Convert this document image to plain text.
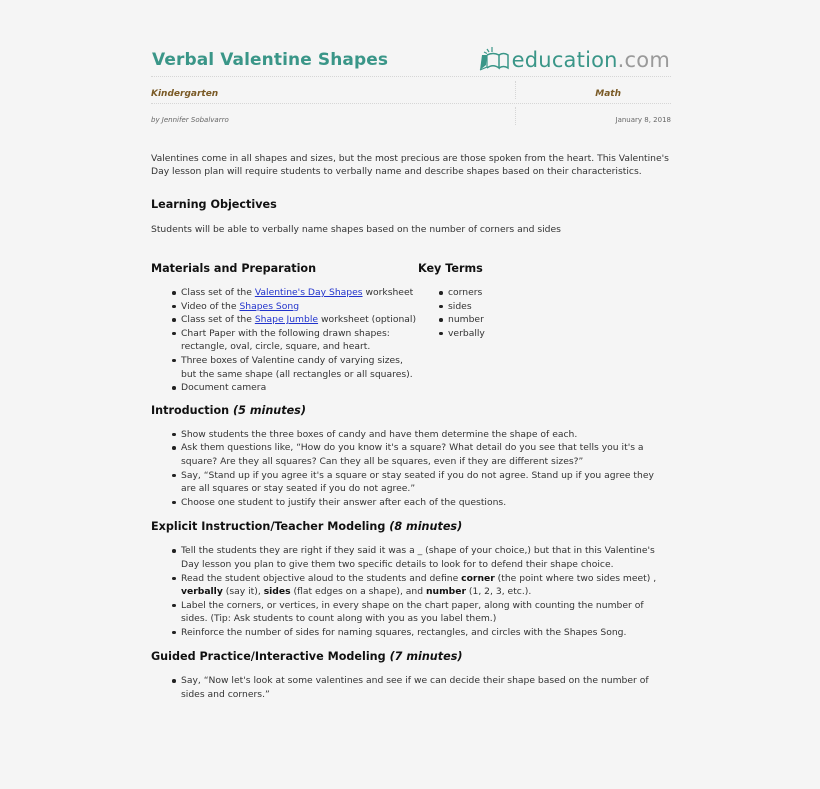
Verbal Valentine Shapes	education.com
Kindergarten	Math
by Jennifer Sobalvarro	January 8, 2018

Valentines come in all shapes and sizes, but the most precious are those spoken from the heart. This Valentine's Day lesson plan will require students to verbally name and describe shapes based on their characteristics.

Learning Objectives

Students will be able to verbally name shapes based on the number of corners and sides

Materials and Preparation
Class set of the Valentine's Day Shapes worksheet
Video of the Shapes Song
Class set of the Shape Jumble worksheet (optional)
Chart Paper with the following drawn shapes: rectangle, oval, circle, square, and heart.
Three boxes of Valentine candy of varying sizes, but the same shape (all rectangles or all squares).
Document camera
Key Terms
corners
sides
number
verbally
Introduction (5 minutes)
Show students the three boxes of candy and have them determine the shape of each.
Ask them questions like, “How do you know it's a square? What detail do you see that tells you it's a square? Are they all squares? Can they all be squares, even if they are different sizes?”
Say, “Stand up if you agree it's a square or stay seated if you do not agree. Stand up if you agree they are all squares or stay seated if you do not agree.”
Choose one student to justify their answer after each of the questions.
Explicit Instruction/Teacher Modeling (8 minutes)
Tell the students they are right if they said it was a _ (shape of your choice,) but that in this Valentine's Day lesson you plan to give them two specific details to look for to defend their shape choice.
Read the student objective aloud to the students and define corner (the point where two sides meet) , verbally (say it), sides (flat edges on a shape), and number (1, 2, 3, etc.).
Label the corners, or vertices, in every shape on the chart paper, along with counting the number of sides. (Tip: Ask students to count along with you as you label them.)
Reinforce the number of sides for naming squares, rectangles, and circles with the Shapes Song.
Guided Practice/Interactive Modeling (7 minutes)
Say, “Now let's look at some valentines and see if we can decide their shape based on the number of sides and corners.”
